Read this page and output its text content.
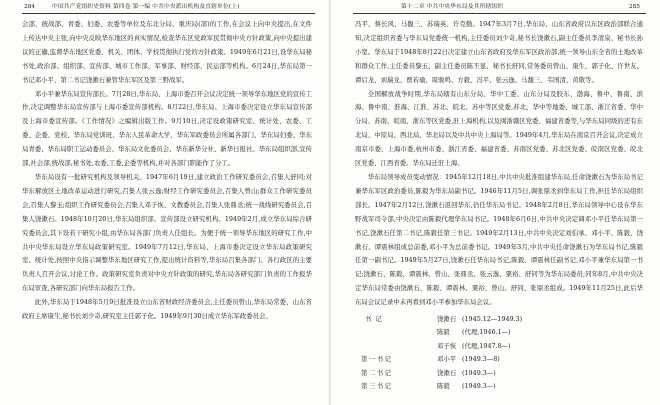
284	中国共产党组织史资料 第四卷 第一编 中共中央派出机构及直辖单位(上)

会部、统战部、青委、妇委、农委等单位及东北分局、重庆局(部)的工作,在会议上向中央提出,在文件上传达中央主张,向中央反映华东地区的真实情况,检查华东区党政军民贯彻中央方针政策,向中央提出建议的正确,监督华东地区党委、机关、团体、学校贯彻执行党的方针政策。1949年6月21日,设华东局秘书处,政治部、组织部、宣传部、城市工作部、军事部、财经部、民运部等机构。6月24日,华东局第一书记邓小平、第二书记饶漱石兼管华东军区及第三野战军。

邓小平兼华东局宣传部长。7月28日,华东局、上海市委召开会议决定统一领导华东地区党的宣传工作,决定调整华东局宣传部与上海市委宣传部机构。8月22日,华东局、上海市委决定设立华东局宣传部及上海市委宣传部。《工作情况》之编辑出版工作。9月10日,决定设政策研究室、统计处、农委、工委、企委、党校、华东局党训班、华东人民革命大学、华东军政委员会所属各部门、华东局妇委、华东局青委、华东局职工运动委员会、华东局文化委员会、华东新华分社、新华日报社。华东局组织部,宣传部,社会部,统战部,秘书处,农委,工委,企委等机构,并对各部门职能作了分工。

华东局设有一批研究机构及领导机关。1947年6月19日,建立政治工作研究委员会,召集人舒同;对华东解放区土地改革运动进行研究,召集人张云逸;财经工作研究委员会,召集人曾山;群众工作研究委员会,召集人黎玉;组织工作研究委员会,召集人邓子恢、文教委员会,召集人张鼎丞;统一战线研究委员会,召集人饶漱石。1948年10月20日,华东局组织部、宣传部设立研究机构。1949年2月,成立华东局综合研究委员会,其下设若干研究小组,由华东局各部门负责人任组长。为便于统一领导华东地区的研究工作,中共中央华东局设立华东局政策研究室。1949年7月12日,华东局、上海市委决定设立华东局政策研究室、统计处,按照中央指示调整华东地区研究工作,提出统计资料等,华东局召集各部门、各行政区的主要负责人召开会议,讨论工作。政策研究室负责对中央方针政策的研究,华东局各研究部门负责的工作报华东局审查,各研究部门向华东局报告工作。

此外,华东局于1948年5月9日批准设立山东省财政经济委员会,主任委员曾山,华东局常委、山东省政府主席康生,秘书长刘少奇,研究室主任郭子化。1949年9月30日成立华东军政委员会。

第十二章 中共中央华东局及其所辖组织	285

冯平、蔡长风、马馥三、苏瑞英、许克勤。1947年3月7日,华东局、山东省政府以东区政治部联合通知,决定组织省委与华东局党委统一机构,主任委员刘少奇,秘书长饶漱石,副主任委员李清泉、秘书长孙小宽。华东局于1948年8月22日决定建立山东省政府及华东军区政治部,统一领导山东全省的土地改革和群众工作,主任委员黎玉、副主任委员陈丕显、秘书长舒同,常务委员曾山、康生、郭子化、许世友、谭启龙、刘瑞龙、贾若瑜、周骏鸣、方毅、冯平、张云逸、马馥三、韦国清、黄敬等。

全国解放战争时期,华东局辖有山东分局、华中工委、山东分局及胶东、渤海、鲁中、鲁南、滨海、鲁中南、淮海、江淮、苏北、皖北、苏中等区党委,苏北、华中等地委、城工部、浙江省委、华中分局、苏南、皖南、浙东等区党委,驻上海机构,以及闽浙赣区党委、福建省委等,与华东局同级的还有东北局、中原局、西北局、华北局以及中共中央上海局等。1949年4月,华东局在南京召开会议,决定成立南京市委、上海市委,杭州市委、浙江省委、福建省委、苏南区党委、苏北区党委、皖南区党委、皖北区党委、江西省委。华东局迁驻上海。

华东局领导成员变动情况：1945年12月18日,中共中央批准组建华东局,任命饶漱石为华东局书记兼华东军区政治委员,陈毅为华东局副书记。1946年11月5日,调张鼎丞到华东局工作,担任华东局组织部长。1947年2月12日,饶漱石返回华东,仍任华东局书记。1948年2月8日,华东局领导中心设在华东野战军司令部,中央决定由陈毅代理华东局书记。1948年6月6日,中共中央决定调邓小平任华东局第一书记,饶漱石任第二书记,陈毅任第三书记。1949年2月13日,中共中央决定刘伯承、邓小平、陈毅、饶漱石、谭震林组成总前委,邓小平为总前委书记。1949年3月,中共中央任命饶漱石为华东局书记,陈毅任第一副书记。1949年5月27日,饶漱石任华东局书记,陈毅、谭震林任副书记,邓小平兼华东局第一书记;饶漱石、陈毅、谭震林、曾山、张鼎丞、张云逸、粟裕、舒同等为华东局委员;同年8月,中共中央决定华东局常委由饶漱石、陈毅、谭震林、粟裕、曾山、舒同、张鼎丞组成。1949年11月25日,此后华东局会议记录中未再看到邓小平参加华东局会议。

书记	饶漱石 (1945.12—1949.3)
陈毅 (代理,1946.1—)
邓子恢 (代理,1947.8—)
第一书记	邓小平 (1949.3—8)
第二书记	饶漱石 (1949.3—)
第三书记	陈毅 (1949.3—)
